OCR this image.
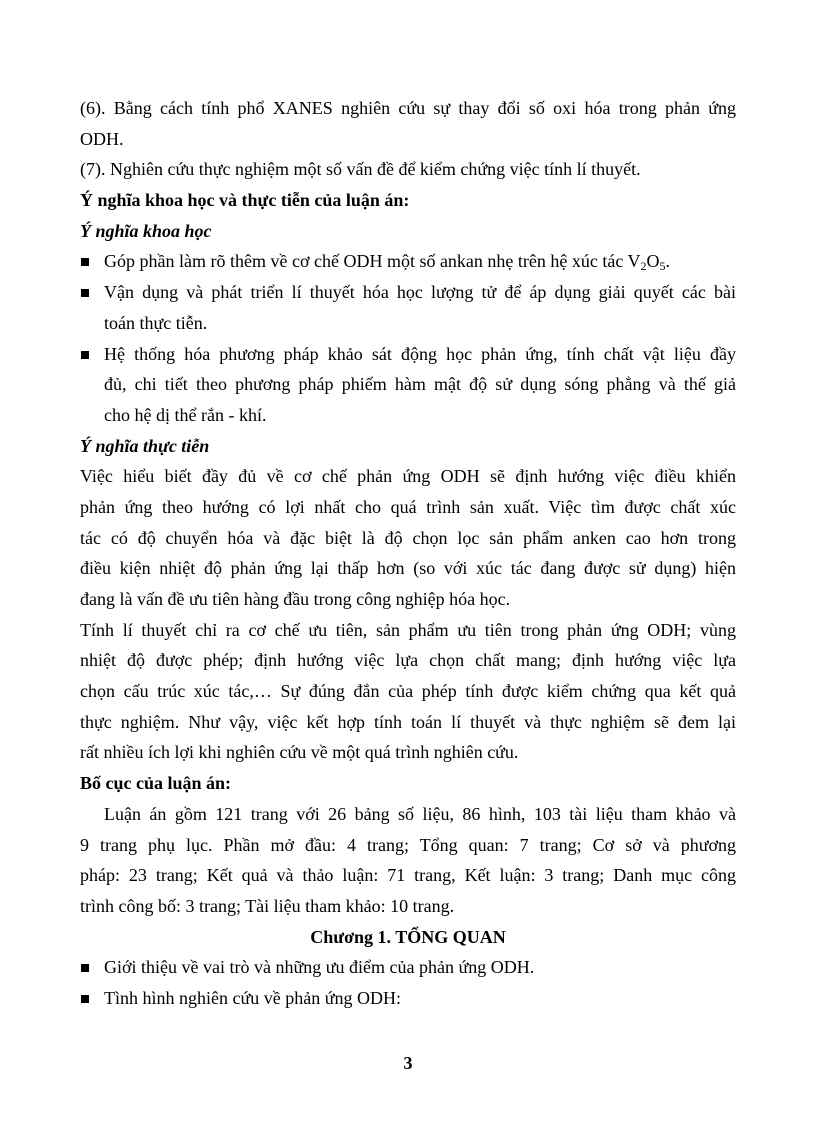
(6). Bằng cách tính phổ XANES nghiên cứu sự thay đổi số oxi hóa trong phản ứng
ODH.
(7). Nghiên cứu thực nghiệm một số vấn đề để kiểm chứng việc tính lí thuyết.
Ý nghĩa khoa học và thực tiễn của luận án:
Ý nghĩa khoa học
Góp phần làm rõ thêm về cơ chế ODH một số ankan nhẹ trên hệ xúc tác $V_2O_5$.
Vận dụng và phát triển lí thuyết hóa học lượng tử để áp dụng giải quyết các bài
toán thực tiễn.
Hệ thống hóa phương pháp khảo sát động học phản ứng, tính chất vật liệu đầy
đủ, chi tiết theo phương pháp phiếm hàm mật độ sử dụng sóng phẳng và thế giả
cho hệ dị thể rắn - khí.
Ý nghĩa thực tiễn
Việc hiểu biết đầy đủ về cơ chế phản ứng ODH sẽ định hướng việc điều khiển
phản ứng theo hướng có lợi nhất cho quá trình sản xuất. Việc tìm được chất xúc
tác có độ chuyển hóa và đặc biệt là độ chọn lọc sản phẩm anken cao hơn trong
điều kiện nhiệt độ phản ứng lại thấp hơn (so với xúc tác đang được sử dụng) hiện
đang là vấn đề ưu tiên hàng đầu trong công nghiệp hóa học.
Tính lí thuyết chỉ ra cơ chế ưu tiên, sản phẩm ưu tiên trong phản ứng ODH; vùng
nhiệt độ được phép; định hướng việc lựa chọn chất mang; định hướng việc lựa
chọn cấu trúc xúc tác,… Sự đúng đắn của phép tính được kiểm chứng qua kết quả
thực nghiệm. Như vậy, việc kết hợp tính toán lí thuyết và thực nghiệm sẽ đem lại
rất nhiều ích lợi khi nghiên cứu về một quá trình nghiên cứu.
Bố cục của luận án:
Luận án gồm 121 trang với 26 bảng số liệu, 86 hình, 103 tài liệu tham khảo và
9 trang phụ lục. Phần mở đầu: 4 trang; Tổng quan: 7 trang; Cơ sở và phương
pháp: 23 trang; Kết quả và thảo luận: 71 trang, Kết luận: 3 trang; Danh mục công
trình công bố: 3 trang; Tài liệu tham khảo: 10 trang.
Chương 1. TỔNG QUAN
Giới thiệu về vai trò và những ưu điểm của phản ứng ODH.
Tình hình nghiên cứu về phản ứng ODH:
3
